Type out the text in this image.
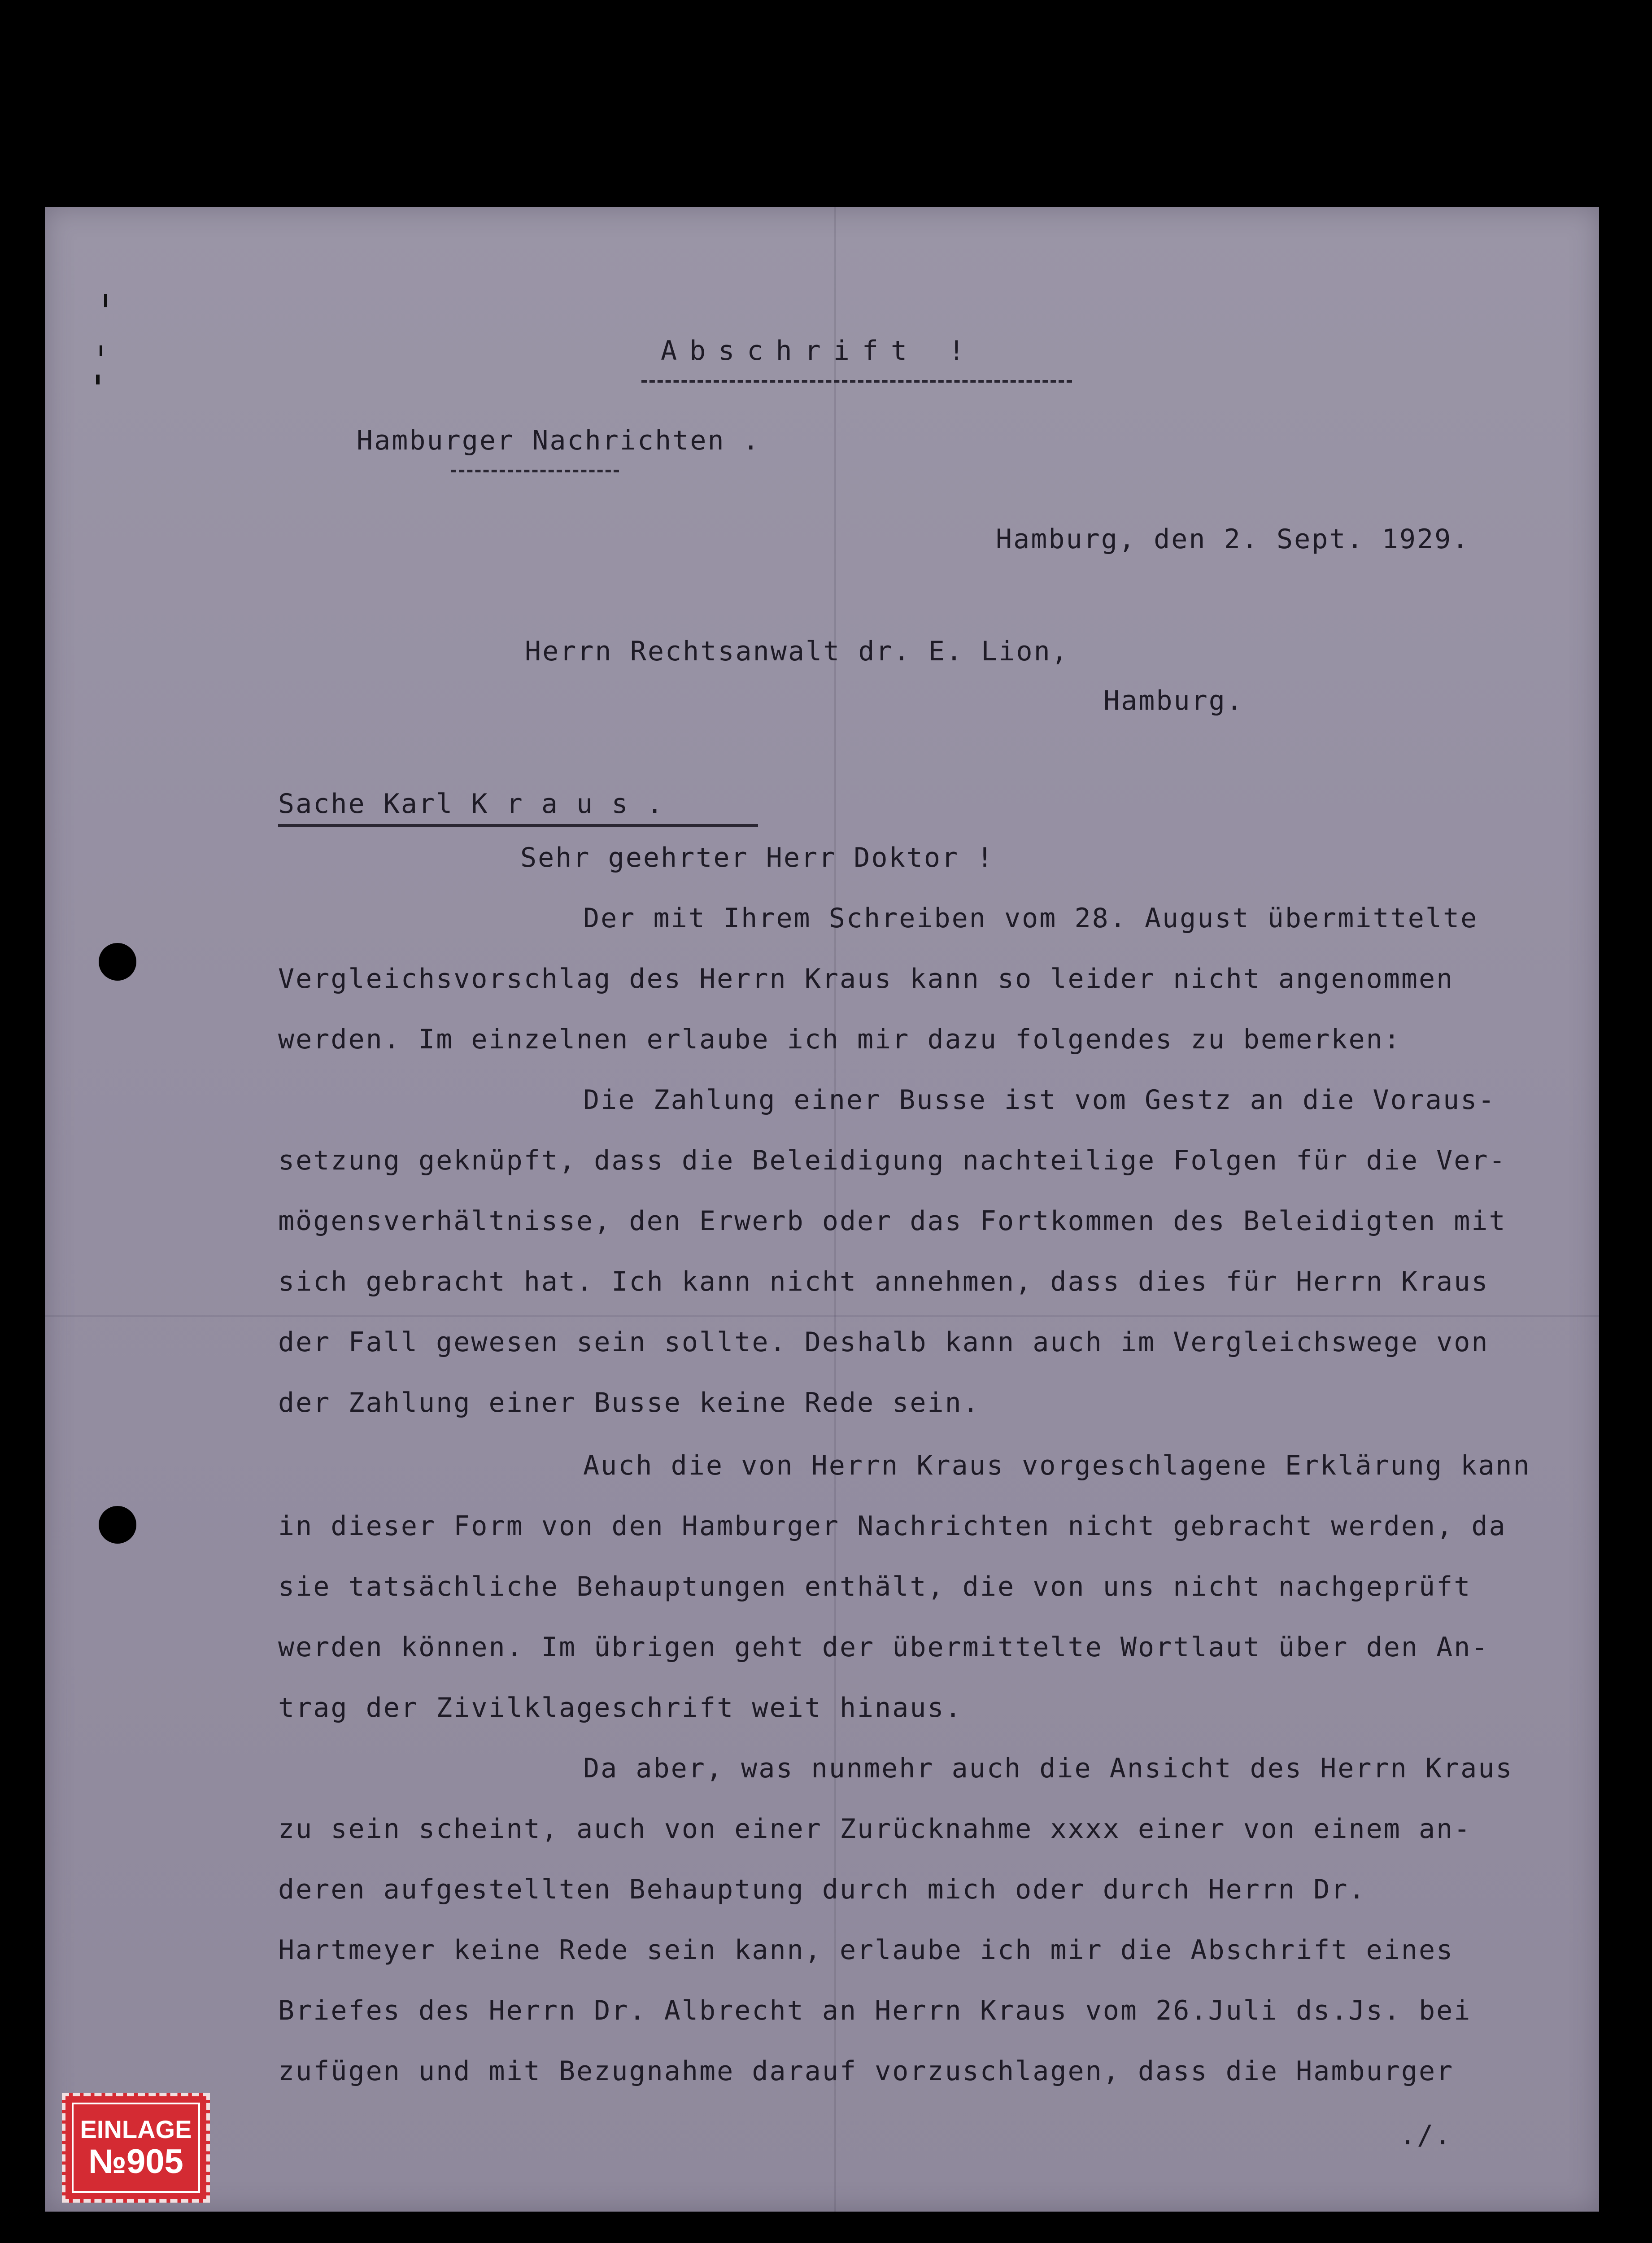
Abschrift !
Hamburger Nachrichten .
Hamburg, den 2. Sept. 1929.
Herrn Rechtsanwalt dr. E. Lion,
Hamburg.
Sache Karl K r a u s .
Sehr geehrter Herr Doktor !
Der mit Ihrem Schreiben vom 28. August übermittelte
Vergleichsvorschlag des Herrn Kraus kann so leider nicht angenommen
werden. Im einzelnen erlaube ich mir dazu folgendes zu bemerken:
Die Zahlung einer Busse ist vom Gestz an die Voraus-
setzung geknüpft, dass die Beleidigung nachteilige Folgen für die Ver-
mögensverhältnisse, den Erwerb oder das Fortkommen des Beleidigten mit
sich gebracht hat. Ich kann nicht annehmen, dass dies für Herrn Kraus
der Fall gewesen sein sollte. Deshalb kann auch im Vergleichswege von
der Zahlung einer Busse keine Rede sein.
Auch die von Herrn Kraus vorgeschlagene Erklärung kann
in dieser Form von den Hamburger Nachrichten nicht gebracht werden, da
sie tatsächliche Behauptungen enthält, die von uns nicht nachgeprüft
werden können. Im übrigen geht der übermittelte Wortlaut über den An-
trag der Zivilklageschrift weit hinaus.
Da aber, was nunmehr auch die Ansicht des Herrn Kraus
zu sein scheint, auch von einer Zurücknahme xxxx einer von einem an-
deren aufgestellten Behauptung durch mich oder durch Herrn Dr.
Hartmeyer keine Rede sein kann, erlaube ich mir die Abschrift eines
Briefes des Herrn Dr. Albrecht an Herrn Kraus vom 26.Juli ds.Js. bei
zufügen und mit Bezugnahme darauf vorzuschlagen, dass die Hamburger
./.
EINLAGE
№905
